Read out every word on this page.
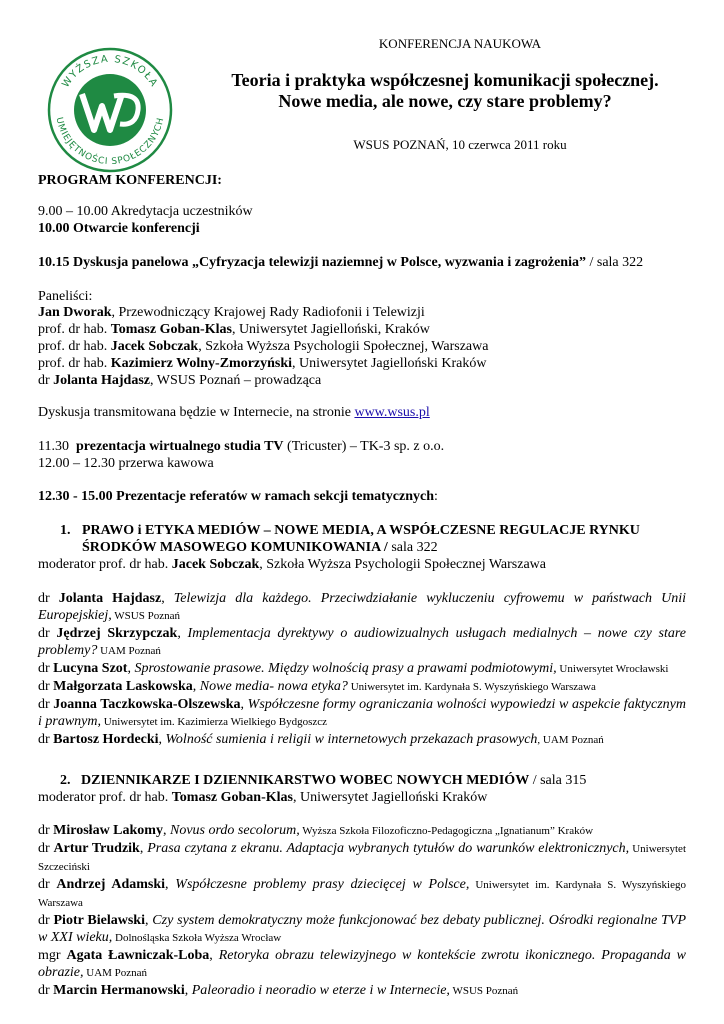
WYŻSZA SZKOŁA
UMIEJĘTNOŚCI SPOŁECZNYCH
KONFERENCJA NAUKOWA
Teoria i praktyka współczesnej komunikacji społecznej.
Nowe media, ale nowe, czy stare problemy?
WSUS POZNAŃ, 10 czerwca 2011 roku
PROGRAM KONFERENCJI:
9.00 – 10.00 Akredytacja uczestników
10.00 Otwarcie konferencji
10.15 Dyskusja panelowa „Cyfryzacja telewizji naziemnej w Polsce, wyzwania i zagrożenia” / sala 322
Paneliści:
Jan Dworak, Przewodniczący Krajowej Rady Radiofonii i Telewizji
prof. dr hab. Tomasz Goban-Klas, Uniwersytet Jagielloński, Kraków
prof. dr hab. Jacek Sobczak, Szkoła Wyższa Psychologii Społecznej, Warszawa
prof. dr hab. Kazimierz Wolny-Zmorzyński, Uniwersytet Jagielloński Kraków
dr Jolanta Hajdasz, WSUS Poznań – prowadząca
Dyskusja transmitowana będzie w Internecie, na stronie www.wsus.pl
11.30 prezentacja wirtualnego studia TV (Tricuster) – TK-3 sp. z o.o.
12.00 – 12.30 przerwa kawowa
12.30 - 15.00 Prezentacje referatów w ramach sekcji tematycznych:
1. PRAWO i ETYKA MEDIÓW – NOWE MEDIA, A WSPÓŁCZESNE REGULACJE RYNKU
ŚRODKÓW MASOWEGO KOMUNIKOWANIA / sala 322
moderator prof. dr hab. Jacek Sobczak, Szkoła Wyższa Psychologii Społecznej Warszawa
dr Jolanta Hajdasz, Telewizja dla każdego. Przeciwdziałanie wykluczeniu cyfrowemu w państwach Unii Europejskiej, WSUS Poznań
dr Jędrzej Skrzypczak, Implementacja dyrektywy o audiowizualnych usługach medialnych – nowe czy stare problemy? UAM Poznań
dr Lucyna Szot, Sprostowanie prasowe. Między wolnością prasy a prawami podmiotowymi, Uniwersytet Wrocławski
dr Małgorzata Laskowska, Nowe media- nowa etyka? Uniwersytet im. Kardynała S. Wyszyńskiego Warszawa
dr Joanna Taczkowska-Olszewska, Współczesne formy ograniczania wolności wypowiedzi w aspekcie faktycznym i prawnym, Uniwersytet im. Kazimierza Wielkiego Bydgoszcz
dr Bartosz Hordecki, Wolność sumienia i religii w internetowych przekazach prasowych, UAM Poznań
2. DZIENNIKARZE I DZIENNIKARSTWO WOBEC NOWYCH MEDIÓW / sala 315
moderator prof. dr hab. Tomasz Goban-Klas, Uniwersytet Jagielloński Kraków
dr Mirosław Lakomy, Novus ordo secolorum, Wyższa Szkoła Filozoficzno-Pedagogiczna „Ignatianum” Kraków
dr Artur Trudzik, Prasa czytana z ekranu. Adaptacja wybranych tytułów do warunków elektronicznych, Uniwersytet Szczeciński
dr Andrzej Adamski, Współczesne problemy prasy dziecięcej w Polsce, Uniwersytet im. Kardynała S. Wyszyńskiego Warszawa
dr Piotr Bielawski, Czy system demokratyczny może funkcjonować bez debaty publicznej. Ośrodki regionalne TVP w XXI wieku, Dolnośląska Szkoła Wyższa Wrocław
mgr Agata Ławniczak-Loba, Retoryka obrazu telewizyjnego w kontekście zwrotu ikonicznego. Propaganda w obrazie, UAM Poznań
dr Marcin Hermanowski, Paleoradio i neoradio w eterze i w Internecie, WSUS Poznań
